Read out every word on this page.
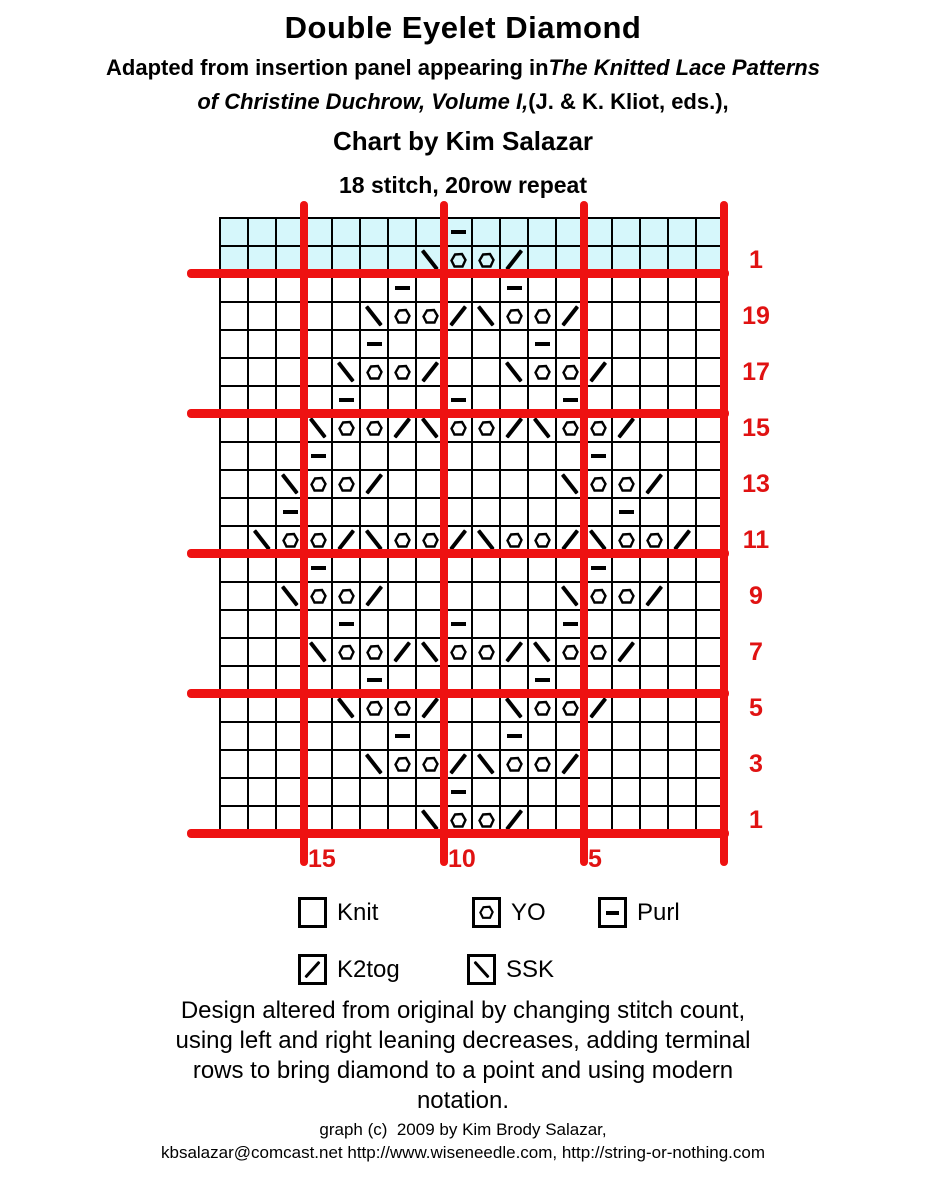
Double Eyelet Diamond
Adapted from insertion panel appearing inThe Knitted Lace Patterns
of Christine Duchrow, Volume I,(J. & K. Kliot, eds.),
Chart by Kim Salazar
18 stitch, 20row repeat
1
19
17
15
13
11
9
7
5
3
1
15	10	5
Knit	YO	Purl
K2tog	SSK
Design altered from original by changing stitch count,
using left and right leaning decreases, adding terminal
rows to bring diamond to a point and using modern
notation.
graph (c)  2009 by Kim Brody Salazar,
kbsalazar@comcast.net http://www.wiseneedle.com, http://string-or-nothing.com
